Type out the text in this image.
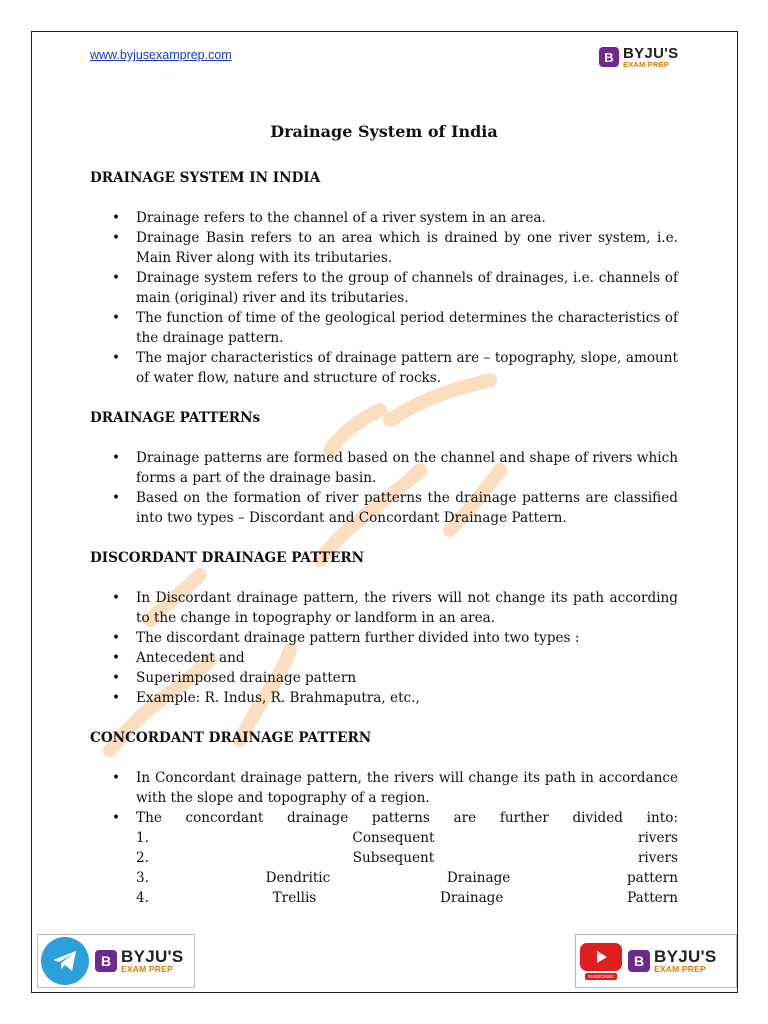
www.byjusexamprep.com	B BYJU'S
EXAM PREP
Drainage System of India
DRAINAGE SYSTEM IN INDIA
• Drainage refers to the channel of a river system in an area.
• Drainage Basin refers to an area which is drained by one river system, i.e. Main River along with its tributaries.
• Drainage system refers to the group of channels of drainages, i.e. channels of main (original) river and its tributaries.
• The function of time of the geological period determines the characteristics of the drainage pattern.
• The major characteristics of drainage pattern are – topography, slope, amount of water flow, nature and structure of rocks.
DRAINAGE PATTERNs
• Drainage patterns are formed based on the channel and shape of rivers which forms a part of the drainage basin.
• Based on the formation of river patterns the drainage patterns are classified into two types – Discordant and Concordant Drainage Pattern.
DISCORDANT DRAINAGE PATTERN
• In Discordant drainage pattern, the rivers will not change its path according to the change in topography or landform in an area.
• The discordant drainage pattern further divided into two types :
• Antecedent and
• Superimposed drainage pattern
• Example: R. Indus, R. Brahmaputra, etc.,
CONCORDANT DRAINAGE PATTERN
• In Concordant drainage pattern, the rivers will change its path in accordance with the slope and topography of a region.
• The concordant drainage patterns are further divided into:
1.	Consequent	rivers
2.	Subsequent	rivers
3.	Dendritic	Drainage	pattern
4.	Trellis	Drainage	Pattern
B BYJU'S
EXAM PREP
SUBSCRIBE
B BYJU'S
EXAM PREP
